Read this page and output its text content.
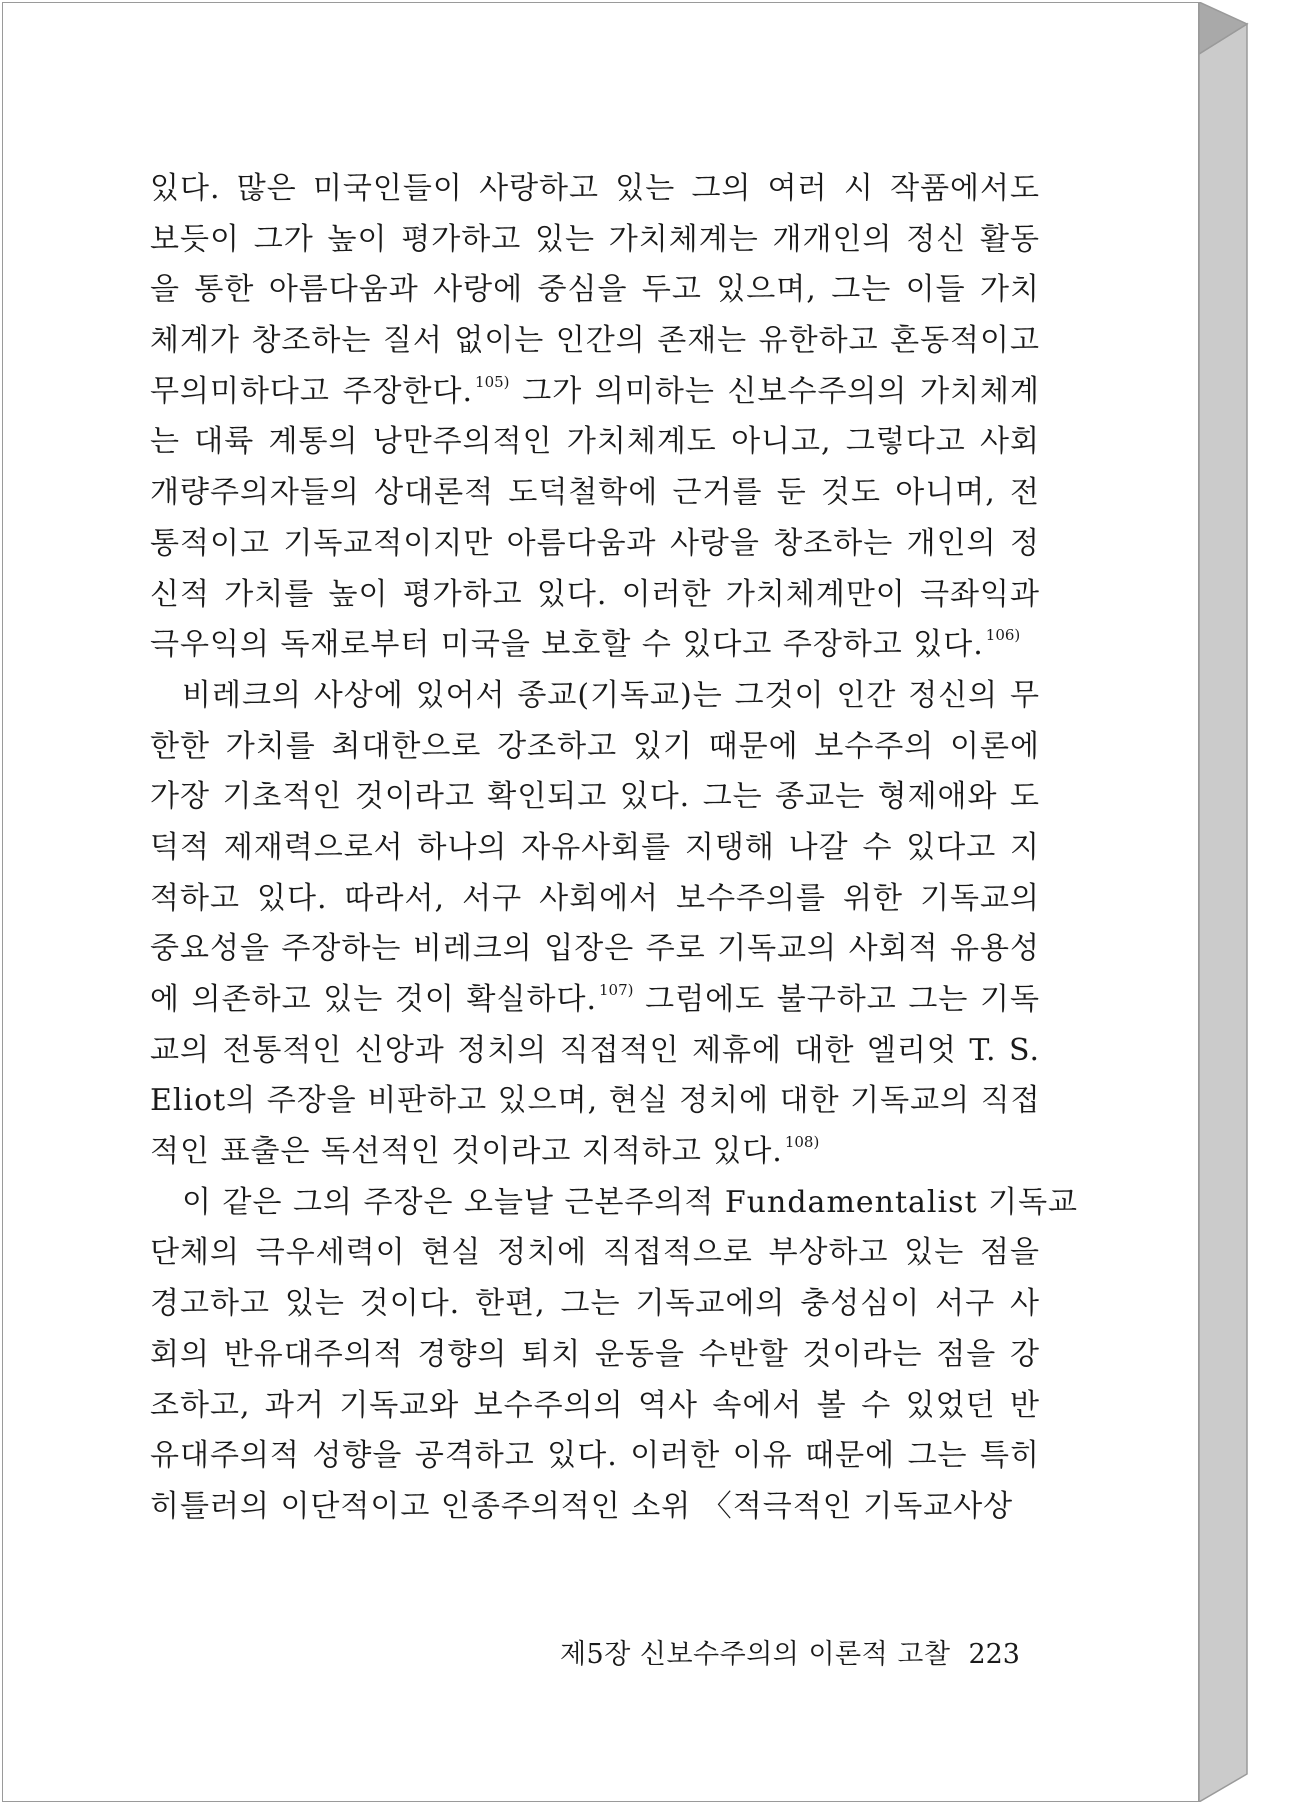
있다. 많은 미국인들이 사랑하고 있는 그의 여러 시 작품에서도
보듯이 그가 높이 평가하고 있는 가치체계는 개개인의 정신 활동
을 통한 아름다움과 사랑에 중심을 두고 있으며, 그는 이들 가치
체계가 창조하는 질서 없이는 인간의 존재는 유한하고 혼동적이고
무의미하다고 주장한다. $^{105)}$ 그가 의미하는 신보수주의의 가치체계
는 대륙 계통의 낭만주의적인 가치체계도 아니고, 그렇다고 사회
개량주의자들의 상대론적 도덕철학에 근거를 둔 것도 아니며, 전
통적이고 기독교적이지만 아름다움과 사랑을 창조하는 개인의 정
신적 가치를 높이 평가하고 있다. 이러한 가치체계만이 극좌익과
극우익의 독재로부터 미국을 보호할 수 있다고 주장하고 있다. $^{106)}$
비레크의 사상에 있어서 종교(기독교)는 그것이 인간 정신의 무
한한 가치를 최대한으로 강조하고 있기 때문에 보수주의 이론에
가장 기초적인 것이라고 확인되고 있다. 그는 종교는 형제애와 도
덕적 제재력으로서 하나의 자유사회를 지탱해 나갈 수 있다고 지
적하고 있다. 따라서, 서구 사회에서 보수주의를 위한 기독교의
중요성을 주장하는 비레크의 입장은 주로 기독교의 사회적 유용성
에 의존하고 있는 것이 확실하다. $^{107)}$ 그럼에도 불구하고 그는 기독
교의 전통적인 신앙과 정치의 직접적인 제휴에 대한 엘리엇 T. S.
Eliot의 주장을 비판하고 있으며, 현실 정치에 대한 기독교의 직접
적인 표출은 독선적인 것이라고 지적하고 있다. $^{108)}$
이 같은 그의 주장은 오늘날 근본주의적 Fundamentalist 기독교
단체의 극우세력이 현실 정치에 직접적으로 부상하고 있는 점을
경고하고 있는 것이다. 한편, 그는 기독교에의 충성심이 서구 사
회의 반유대주의적 경향의 퇴치 운동을 수반할 것이라는 점을 강
조하고, 과거 기독교와 보수주의의 역사 속에서 볼 수 있었던 반
유대주의적 성향을 공격하고 있다. 이러한 이유 때문에 그는 특히
히틀러의 이단적이고 인종주의적인 소위 〈적극적인 기독교사상
제5장 신보수주의의 이론적 고찰 223
